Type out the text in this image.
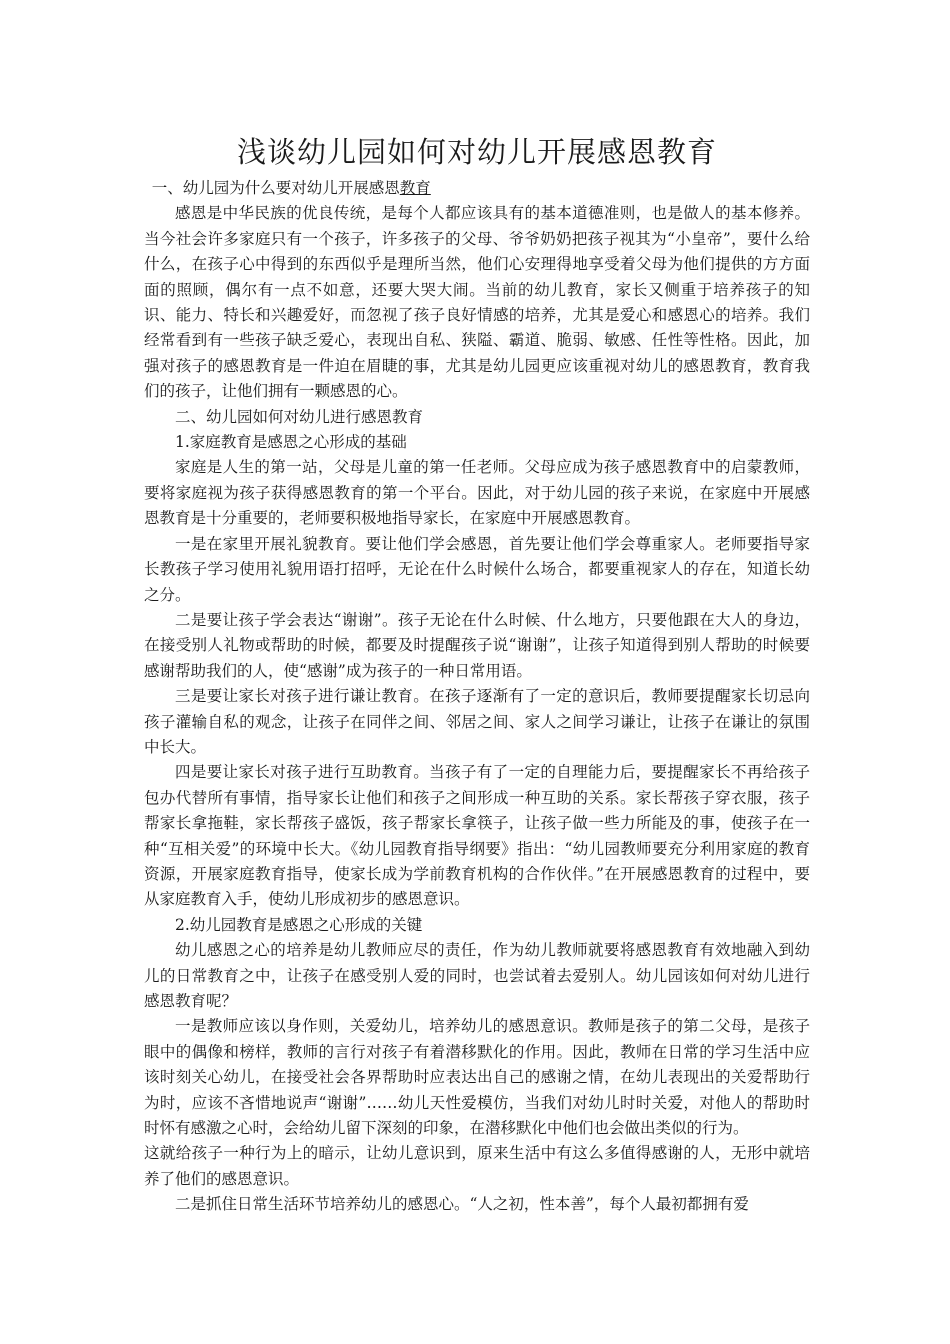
浅谈幼儿园如何对幼儿开展感恩教育

一、幼儿园为什么要对幼儿开展感恩教育

感恩是中华民族的优良传统，是每个人都应该具有的基本道德准则，也是做人的基本修养。当今社会许多家庭只有一个孩子，许多孩子的父母、爷爷奶奶把孩子视其为“小皇帝”，要什么给什么，在孩子心中得到的东西似乎是理所当然，他们心安理得地享受着父母为他们提供的方方面面的照顾，偶尔有一点不如意，还要大哭大闹。当前的幼儿教育，家长又侧重于培养孩子的知识、能力、特长和兴趣爱好，而忽视了孩子良好情感的培养，尤其是爱心和感恩心的培养。我们经常看到有一些孩子缺乏爱心，表现出自私、狭隘、霸道、脆弱、敏感、任性等性格。因此，加强对孩子的感恩教育是一件迫在眉睫的事，尤其是幼儿园更应该重视对幼儿的感恩教育，教育我们的孩子，让他们拥有一颗感恩的心。

二、幼儿园如何对幼儿进行感恩教育

1.家庭教育是感恩之心形成的基础

家庭是人生的第一站，父母是儿童的第一任老师。父母应成为孩子感恩教育中的启蒙教师，要将家庭视为孩子获得感恩教育的第一个平台。因此，对于幼儿园的孩子来说，在家庭中开展感恩教育是十分重要的，老师要积极地指导家长，在家庭中开展感恩教育。

一是在家里开展礼貌教育。要让他们学会感恩，首先要让他们学会尊重家人。老师要指导家长教孩子学习使用礼貌用语打招呼，无论在什么时候什么场合，都要重视家人的存在，知道长幼之分。

二是要让孩子学会表达“谢谢”。孩子无论在什么时候、什么地方，只要他跟在大人的身边，在接受别人礼物或帮助的时候，都要及时提醒孩子说“谢谢”，让孩子知道得到别人帮助的时候要感谢帮助我们的人，使“感谢”成为孩子的一种日常用语。

三是要让家长对孩子进行谦让教育。在孩子逐渐有了一定的意识后，教师要提醒家长切忌向孩子灌输自私的观念，让孩子在同伴之间、邻居之间、家人之间学习谦让，让孩子在谦让的氛围中长大。

四是要让家长对孩子进行互助教育。当孩子有了一定的自理能力后，要提醒家长不再给孩子包办代替所有事情，指导家长让他们和孩子之间形成一种互助的关系。家长帮孩子穿衣服，孩子帮家长拿拖鞋，家长帮孩子盛饭，孩子帮家长拿筷子，让孩子做一些力所能及的事，使孩子在一种“互相关爱”的环境中长大。《幼儿园教育指导纲要》指出：“幼儿园教师要充分利用家庭的教育资源，开展家庭教育指导，使家长成为学前教育机构的合作伙伴。”在开展感恩教育的过程中，要从家庭教育入手，使幼儿形成初步的感恩意识。

2.幼儿园教育是感恩之心形成的关键

幼儿感恩之心的培养是幼儿教师应尽的责任，作为幼儿教师就要将感恩教育有效地融入到幼儿的日常教育之中，让孩子在感受别人爱的同时，也尝试着去爱别人。幼儿园该如何对幼儿进行感恩教育呢？

一是教师应该以身作则，关爱幼儿，培养幼儿的感恩意识。教师是孩子的第二父母，是孩子眼中的偶像和榜样，教师的言行对孩子有着潜移默化的作用。因此，教师在日常的学习生活中应该时刻关心幼儿，在接受社会各界帮助时应表达出自己的感谢之情，在幼儿表现出的关爱帮助行为时，应该不吝惜地说声“谢谢”……幼儿天性爱模仿，当我们对幼儿时时关爱，对他人的帮助时时怀有感激之心时，会给幼儿留下深刻的印象，在潜移默化中他们也会做出类似的行为。

这就给孩子一种行为上的暗示，让幼儿意识到，原来生活中有这么多值得感谢的人，无形中就培养了他们的感恩意识。

二是抓住日常生活环节培养幼儿的感恩心。“人之初，性本善”，每个人最初都拥有爱
